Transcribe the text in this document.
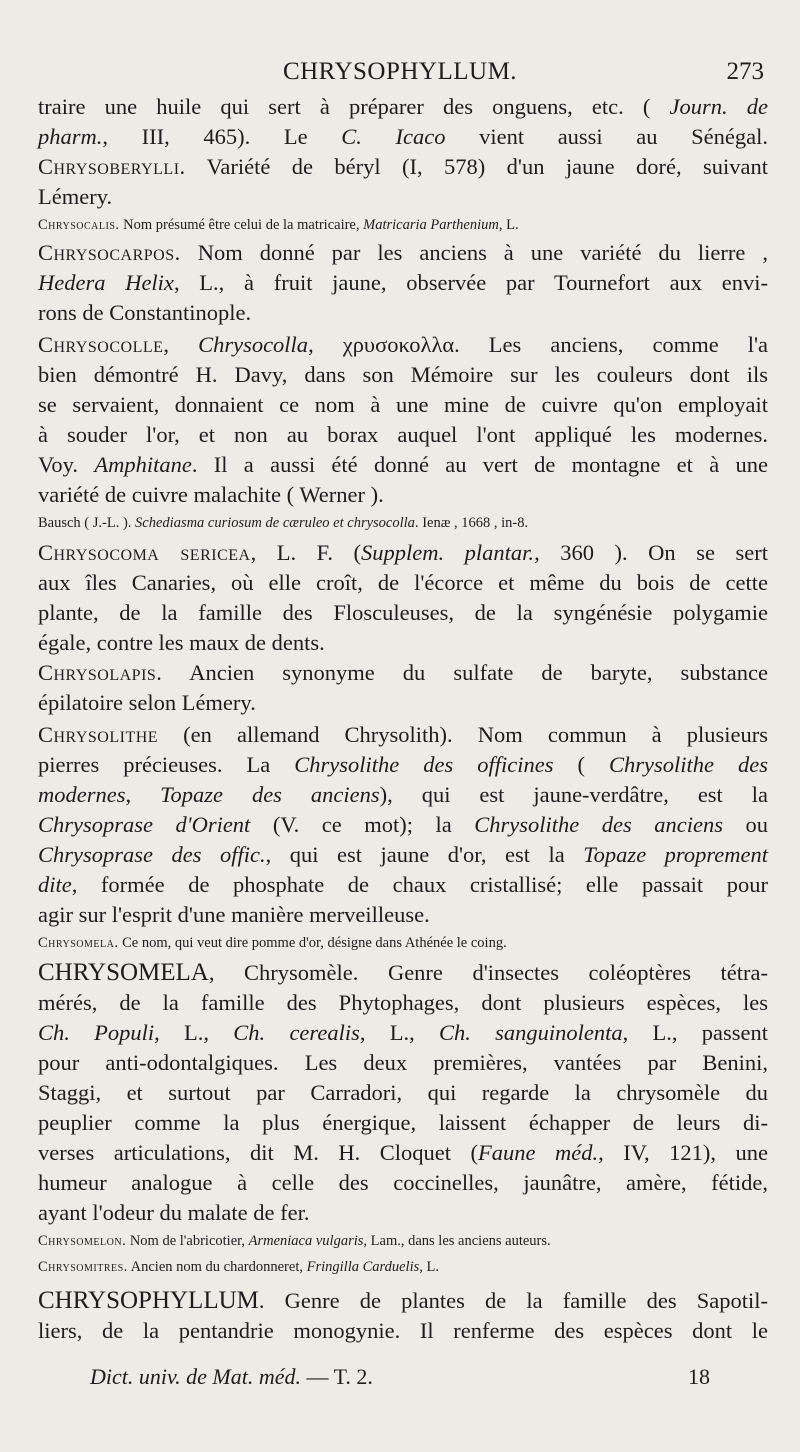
CHRYSOPHYLLUM.	273
traire une huile qui sert à préparer des onguens, etc. ( Journ. de
pharm., III, 465). Le C. Icaco vient aussi au Sénégal.
Chrysoberylli. Variété de béryl (I, 578) d'un jaune doré, suivant
Lémery.
Chrysocalis. Nom présumé être celui de la matricaire, Matricaria Parthenium, L.
Chrysocarpos. Nom donné par les anciens à une variété du lierre ,
Hedera Helix, L., à fruit jaune, observée par Tournefort aux envi-
rons de Constantinople.
Chrysocolle, Chrysocolla, χρυσοκολλα. Les anciens, comme l'a
bien démontré H. Davy, dans son Mémoire sur les couleurs dont ils
se servaient, donnaient ce nom à une mine de cuivre qu'on employait
à souder l'or, et non au borax auquel l'ont appliqué les modernes.
Voy. Amphitane. Il a aussi été donné au vert de montagne et à une
variété de cuivre malachite ( Werner ).
Bausch ( J.-L. ). Schediasma curiosum de cæruleo et chrysocolla. Ienæ , 1668 , in-8.
Chrysocoma sericea, L. F. (Supplem. plantar., 360 ). On se sert
aux îles Canaries, où elle croît, de l'écorce et même du bois de cette
plante, de la famille des Flosculeuses, de la syngénésie polygamie
égale, contre les maux de dents.
Chrysolapis. Ancien synonyme du sulfate de baryte, substance
épilatoire selon Lémery.
Chrysolithe (en allemand Chrysolith). Nom commun à plusieurs
pierres précieuses. La Chrysolithe des officines ( Chrysolithe des
modernes, Topaze des anciens), qui est jaune-verdâtre, est la
Chrysoprase d'Orient (V. ce mot); la Chrysolithe des anciens ou
Chrysoprase des offic., qui est jaune d'or, est la Topaze proprement
dite, formée de phosphate de chaux cristallisé; elle passait pour
agir sur l'esprit d'une manière merveilleuse.
Chrysomela. Ce nom, qui veut dire pomme d'or, désigne dans Athénée le coing.
CHRYSOMELA, Chrysomèle. Genre d'insectes coléoptères tétra-
mérés, de la famille des Phytophages, dont plusieurs espèces, les
Ch. Populi, L., Ch. cerealis, L., Ch. sanguinolenta, L., passent
pour anti-odontalgiques. Les deux premières, vantées par Benini,
Staggi, et surtout par Carradori, qui regarde la chrysomèle du
peuplier comme la plus énergique, laissent échapper de leurs di-
verses articulations, dit M. H. Cloquet (Faune méd., IV, 121), une
humeur analogue à celle des coccinelles, jaunâtre, amère, fétide,
ayant l'odeur du malate de fer.
Chrysomelon. Nom de l'abricotier, Armeniaca vulgaris, Lam., dans les anciens auteurs.
Chrysomitres. Ancien nom du chardonneret, Fringilla Carduelis, L.
CHRYSOPHYLLUM. Genre de plantes de la famille des Sapotil-
liers, de la pentandrie monogynie. Il renferme des espèces dont le
Dict. univ. de Mat. méd. — T. 2.	18
